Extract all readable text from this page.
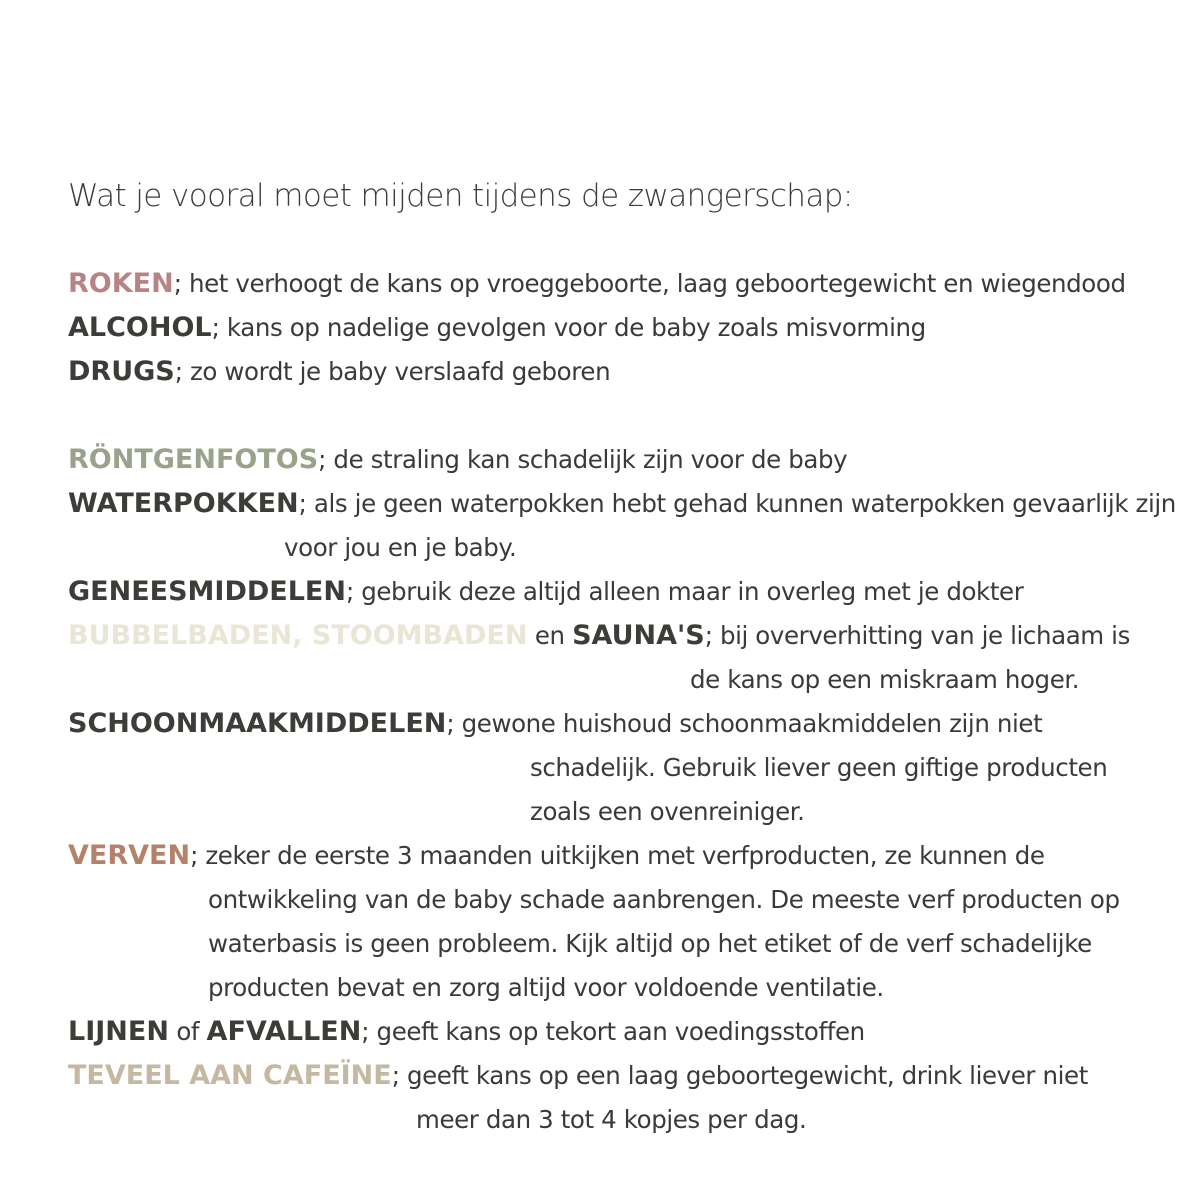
Wat je vooral moet mijden tijdens de zwangerschap:
ROKEN; het verhoogt de kans op vroeggeboorte, laag geboortegewicht en wiegendood
ALCOHOL; kans op nadelige gevolgen voor de baby zoals misvorming
DRUGS; zo wordt je baby verslaafd geboren
RÖNTGENFOTOS; de straling kan schadelijk zijn voor de baby
WATERPOKKEN; als je geen waterpokken hebt gehad kunnen waterpokken gevaarlijk zijn
voor jou en je baby.
GENEESMIDDELEN; gebruik deze altijd alleen maar in overleg met je dokter
BUBBELBADEN, STOOMBADEN en SAUNA'S; bij oververhitting van je lichaam is
de kans op een miskraam hoger.
SCHOONMAAKMIDDELEN; gewone huishoud schoonmaakmiddelen zijn niet
schadelijk. Gebruik liever geen giftige producten
zoals een ovenreiniger.
VERVEN; zeker de eerste 3 maanden uitkijken met verfproducten, ze kunnen de
ontwikkeling van de baby schade aanbrengen. De meeste verf producten op
waterbasis is geen probleem. Kijk altijd op het etiket of de verf schadelijke
producten bevat en zorg altijd voor voldoende ventilatie.
LIJNEN of AFVALLEN; geeft kans op tekort aan voedingsstoffen
TEVEEL AAN CAFEÏNE; geeft kans op een laag geboortegewicht, drink liever niet
meer dan 3 tot 4 kopjes per dag.
